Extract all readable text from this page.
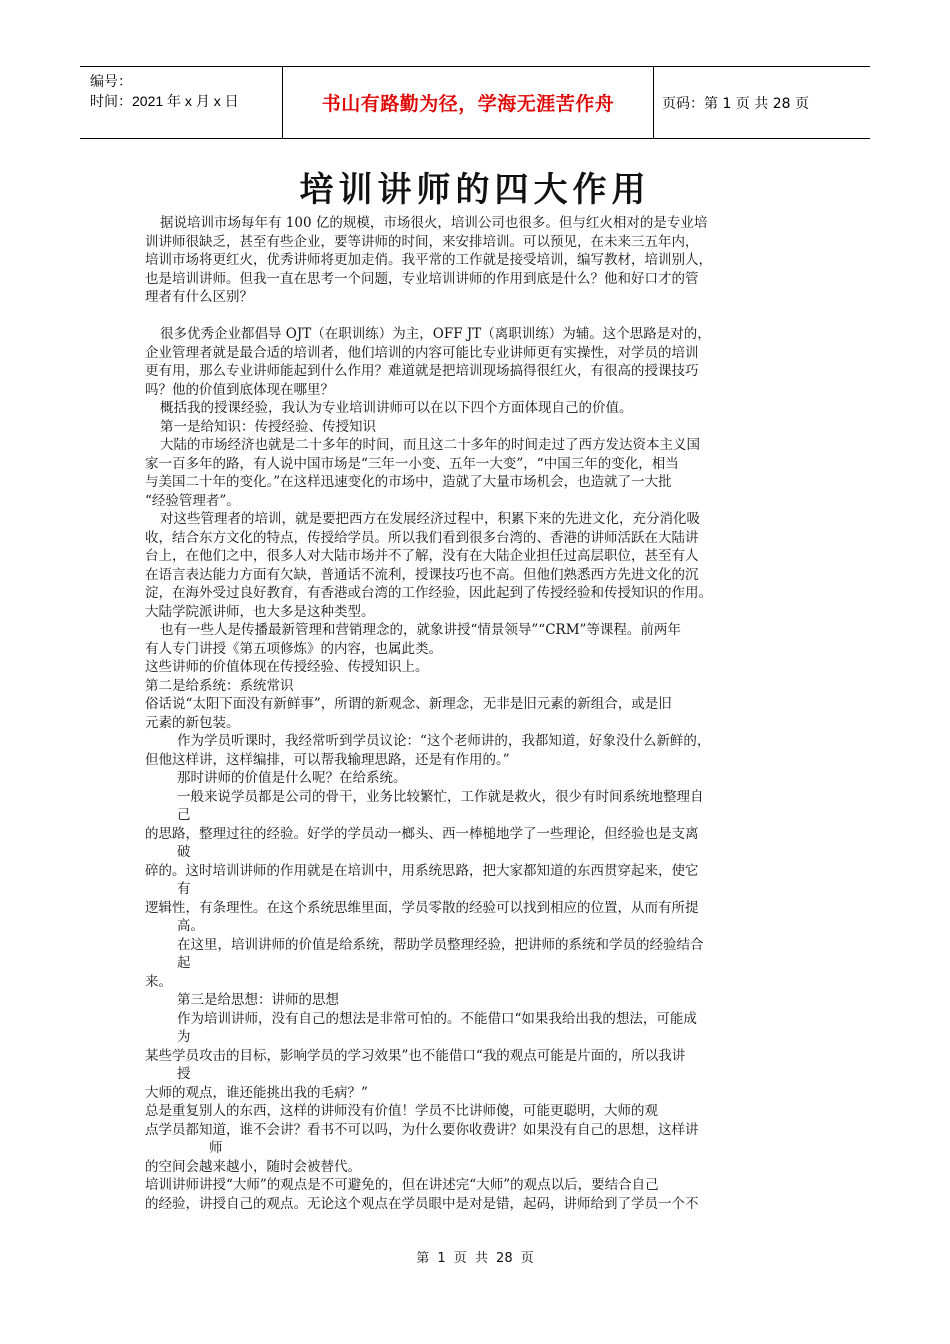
编号：
时间：2021 年 x 月 x 日	书山有路勤为径，学海无涯苦作舟	页码：第 1 页 共 28 页
培训讲师的四大作用

据说培训市场每年有 100 亿的规模，市场很火，培训公司也很多。但与红火相对的是专业培

训讲师很缺乏，甚至有些企业，要等讲师的时间，来安排培训。可以预见，在未来三五年内，

培训市场将更红火，优秀讲师将更加走俏。我平常的工作就是接受培训，编写教材，培训别人，

也是培训讲师。但我一直在思考一个问题，专业培训讲师的作用到底是什么？他和好口才的管

理者有什么区别？

很多优秀企业都倡导 OJT（在职训练）为主，OFF JT（离职训练）为辅。这个思路是对的，

企业管理者就是最合适的培训者，他们培训的内容可能比专业讲师更有实操性，对学员的培训

更有用，那么专业讲师能起到什么作用？难道就是把培训现场搞得很红火，有很高的授课技巧

吗？他的价值到底体现在哪里？

概括我的授课经验，我认为专业培训讲师可以在以下四个方面体现自己的价值。

第一是给知识：传授经验、传授知识

大陆的市场经济也就是二十多年的时间，而且这二十多年的时间走过了西方发达资本主义国

家一百多年的路，有人说中国市场是“三年一小变、五年一大变”，“中国三年的变化，相当

与美国二十年的变化。”在这样迅速变化的市场中，造就了大量市场机会，也造就了一大批

“经验管理者”。

对这些管理者的培训，就是要把西方在发展经济过程中，积累下来的先进文化，充分消化吸

收，结合东方文化的特点，传授给学员。所以我们看到很多台湾的、香港的讲师活跃在大陆讲

台上，在他们之中，很多人对大陆市场并不了解，没有在大陆企业担任过高层职位，甚至有人

在语言表达能力方面有欠缺，普通话不流利，授课技巧也不高。但他们熟悉西方先进文化的沉

淀，在海外受过良好教育，有香港或台湾的工作经验，因此起到了传授经验和传授知识的作用。

大陆学院派讲师，也大多是这种类型。

也有一些人是传播最新管理和营销理念的，就象讲授“情景领导”“CRM”等课程。前两年

有人专门讲授《第五项修炼》的内容，也属此类。

这些讲师的价值体现在传授经验、传授知识上。

第二是给系统：系统常识

俗话说“太阳下面没有新鲜事”，所谓的新观念、新理念，无非是旧元素的新组合，或是旧

元素的新包装。

作为学员听课时，我经常听到学员议论：“这个老师讲的，我都知道，好象没什么新鲜的，

但他这样讲，这样编排，可以帮我输理思路，还是有作用的。”

那时讲师的价值是什么呢？在给系统。

一般来说学员都是公司的骨干，业务比较繁忙，工作就是救火，很少有时间系统地整理自

己

的思路，整理过往的经验。好学的学员动一榔头、西一棒槌地学了一些理论，但经验也是支离

破

碎的。这时培训讲师的作用就是在培训中，用系统思路，把大家都知道的东西贯穿起来，使它

有

逻辑性，有条理性。在这个系统思维里面，学员零散的经验可以找到相应的位置，从而有所提

高。

在这里，培训讲师的价值是给系统，帮助学员整理经验，把讲师的系统和学员的经验结合

起

来。

第三是给思想：讲师的思想

作为培训讲师，没有自己的想法是非常可怕的。不能借口“如果我给出我的想法，可能成

为

某些学员攻击的目标，影响学员的学习效果”也不能借口“我的观点可能是片面的，所以我讲

授

大师的观点，谁还能挑出我的毛病？”

总是重复别人的东西，这样的讲师没有价值！学员不比讲师傻，可能更聪明，大师的观

点学员都知道，谁不会讲？看书不可以吗，为什么要你收费讲？如果没有自己的思想，这样讲

师

的空间会越来越小，随时会被替代。

培训讲师讲授“大师”的观点是不可避免的，但在讲述完“大师”的观点以后，要结合自己

的经验，讲授自己的观点。无论这个观点在学员眼中是对是错，起码，讲师给到了学员一个不

第 1 页 共 28 页
